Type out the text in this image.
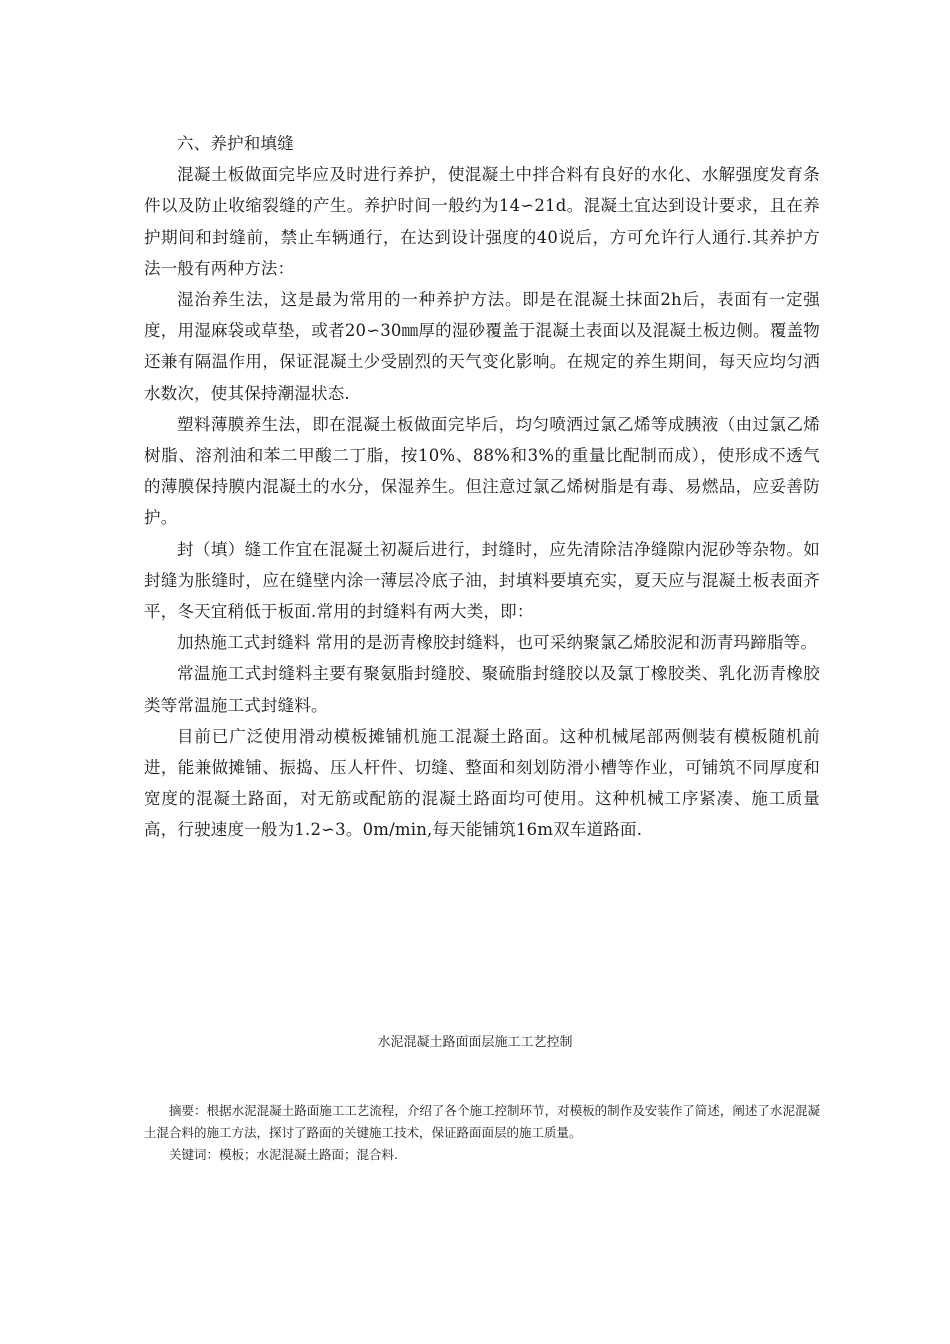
六、养护和填缝

混凝土板做面完毕应及时进行养护，使混凝土中拌合料有良好的水化、水解强度发育条件以及防止收缩裂缝的产生。养护时间一般约为14∽21d。混凝土宜达到设计要求，且在养护期间和封缝前，禁止车辆通行，在达到设计强度的40说后，方可允许行人通行.其养护方法一般有两种方法：

湿治养生法，这是最为常用的一种养护方法。即是在混凝土抹面2h后，表面有一定强度，用湿麻袋或草垫，或者20∽30㎜厚的湿砂覆盖于混凝土表面以及混凝土板边侧。覆盖物还兼有隔温作用，保证混凝土少受剧烈的天气变化影响。在规定的养生期间，每天应均匀洒水数次，使其保持潮湿状态.

塑料薄膜养生法，即在混凝土板做面完毕后，均匀喷洒过氯乙烯等成胰液（由过氯乙烯树脂、溶剂油和苯二甲酸二丁脂，按10%、88%和3%的重量比配制而成），使形成不透气的薄膜保持膜内混凝土的水分，保湿养生。但注意过氯乙烯树脂是有毒、易燃品，应妥善防护。

封（填）缝工作宜在混凝土初凝后进行，封缝时，应先清除洁净缝隙内泥砂等杂物。如封缝为胀缝时，应在缝壁内涂一薄层冷底子油，封填料要填充实，夏天应与混凝土板表面齐平，冬天宜稍低于板面.常用的封缝料有两大类，即：

加热施工式封缝料 常用的是沥青橡胶封缝料，也可采纳聚氯乙烯胶泥和沥青玛蹄脂等。

常温施工式封缝料主要有聚氨脂封缝胶、聚硫脂封缝胶以及氯丁橡胶类、乳化沥青橡胶类等常温施工式封缝料。

目前已广泛使用滑动模板摊铺机施工混凝土路面。这种机械尾部两侧装有模板随机前进，能兼做摊铺、振捣、压人杆件、切缝、整面和刻划防滑小槽等作业，可铺筑不同厚度和宽度的混凝土路面，对无筋或配筋的混凝土路面均可使用。这种机械工序紧凑、施工质量高，行驶速度一般为1.2∽3。0m/min,每天能铺筑16m双车道路面.

水泥混凝土路面面层施工工艺控制

摘要：根据水泥混凝土路面施工工艺流程，介绍了各个施工控制环节，对模板的制作及安装作了简述，阐述了水泥混凝土混合料的施工方法，探讨了路面的关键施工技术，保证路面面层的施工质量。

关键词：模板；水泥混凝土路面；混合料.
